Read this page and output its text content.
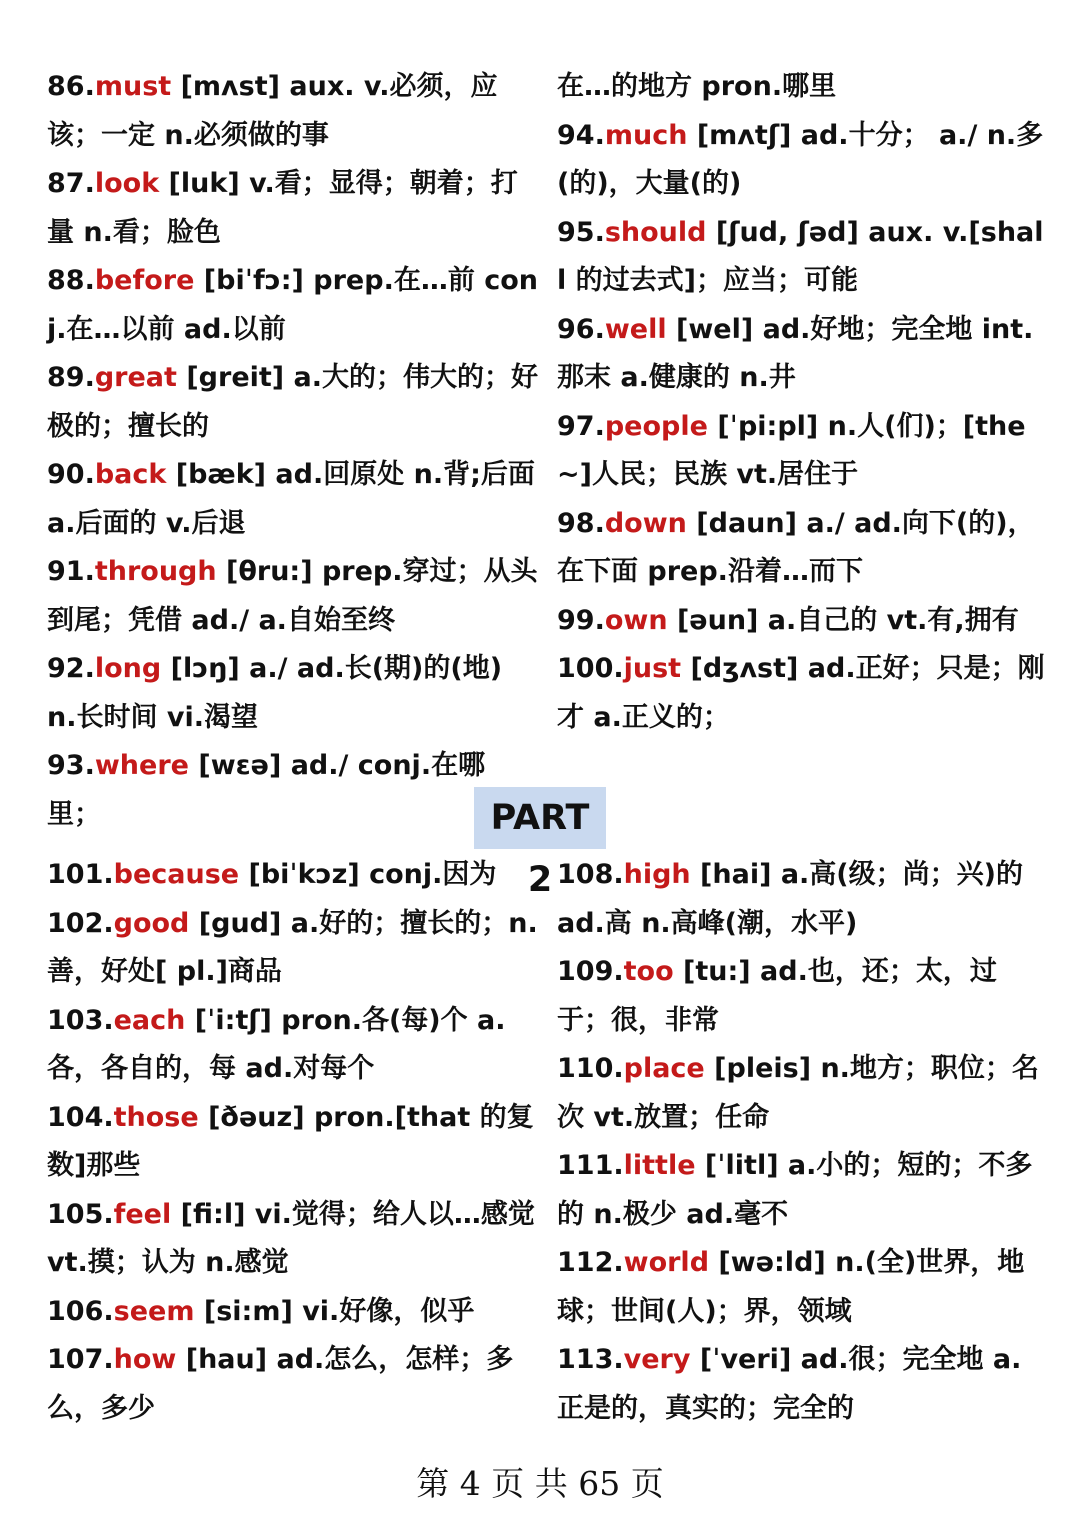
86.must [mʌst] aux. v.必须，应该；一定 n.必须做的事

87.look [luk] v.看；显得；朝着；打量 n.看；脸色

88.before [biˈfɔ:] prep.在…前 conj.在…以前 ad.以前

89.great [greit] a.大的；伟大的；好极的；擅长的

90.back [bæk] ad.回原处 n.背;后面 a.后面的 v.后退

91.through [θru:] prep.穿过；从头到尾；凭借 ad./ a.自始至终

92.long [lɔŋ] a./ ad.长(期)的(地) n.长时间 vi.渴望

93.where [wεə] ad./ conj.在哪里；

在…的地方 pron.哪里

94.much [mʌtʃ] ad.十分； a./ n.多(的)，大量(的)

95.should [ʃud, ʃəd] aux. v.[shall 的过去式]；应当；可能

96.well [wel] ad.好地；完全地 int.那末 a.健康的 n.井

97.people [ˈpi:pl] n.人(们)；[the ~]人民；民族 vt.居住于

98.down [daun] a./ ad.向下(的)，在下面 prep.沿着…而下

99.own [əun] a.自己的 vt.有,拥有

100.just [dʒʌst] ad.正好；只是；刚才 a.正义的；

PART 2

101.because [biˈkɔz] conj.因为

102.good [gud] a.好的；擅长的；n.善，好处[ pl.]商品

103.each [ˈi:tʃ] pron.各(每)个 a.各，各自的，每 ad.对每个

104.those [ðəuz] pron.[that 的复数]那些

105.feel [fi:l] vi.觉得；给人以…感觉 vt.摸；认为 n.感觉

106.seem [si:m] vi.好像，似乎

107.how [hau] ad.怎么，怎样；多么，多少

108.high [hai] a.高(级；尚；兴)的 ad.高 n.高峰(潮，水平)

109.too [tu:] ad.也，还；太，过于；很，非常

110.place [pleis] n.地方；职位；名次 vt.放置；任命

111.little [ˈlitl] a.小的；短的；不多的 n.极少 ad.毫不

112.world [wə:ld] n.(全)世界，地球；世间(人)；界，领域

113.very [ˈveri] ad.很；完全地 a.正是的，真实的；完全的

第 4 页 共 65 页
